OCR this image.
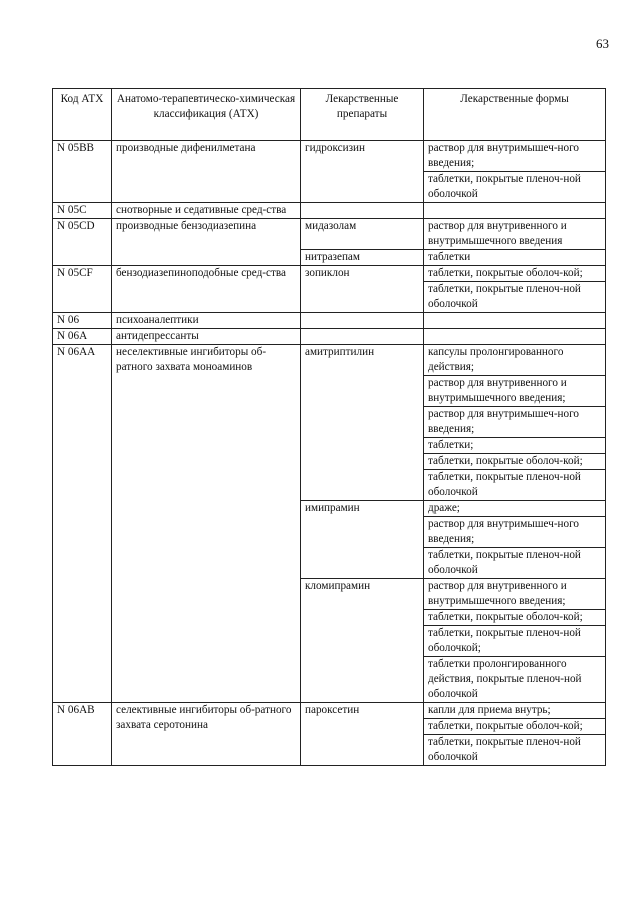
63
Код АТХ	Анатомо-терапевтическо-химическая классификация (АТХ)	Лекарственные препараты	Лекарственные формы
N 05BB	производные дифенилметана	гидроксизин	раствор для внутримышеч-ного введения;
			таблетки, покрытые пленоч-ной оболочкой
N 05C	снотворные и седативные сред-ства		
N 05CD	производные бензодиазепина	мидазолам	раствор для внутривенного и внутримышечного введения
		нитразепам	таблетки
N 05CF	бензодиазепиноподобные сред-ства	зопиклон	таблетки, покрытые оболоч-кой;
			таблетки, покрытые пленоч-ной оболочкой
N 06	психоаналептики		
N 06A	антидепрессанты		
N 06AA	неселективные ингибиторы об-ратного захвата моноаминов	амитриптилин	капсулы пролонгированного действия;
			раствор для внутривенного и внутримышечного введения;
			раствор для внутримышеч-ного введения;
			таблетки;
			таблетки, покрытые оболоч-кой;
			таблетки, покрытые пленоч-ной оболочкой
		имипрамин	драже;
			раствор для внутримышеч-ного введения;
			таблетки, покрытые пленоч-ной оболочкой
		кломипрамин	раствор для внутривенного и внутримышечного введения;
			таблетки, покрытые оболоч-кой;
			таблетки, покрытые пленоч-ной оболочкой;
			таблетки пролонгированного действия, покрытые пленоч-ной оболочкой
N 06AB	селективные ингибиторы об-ратного захвата серотонина	пароксетин	капли для приема внутрь;
			таблетки, покрытые оболоч-кой;
			таблетки, покрытые пленоч-ной оболочкой
